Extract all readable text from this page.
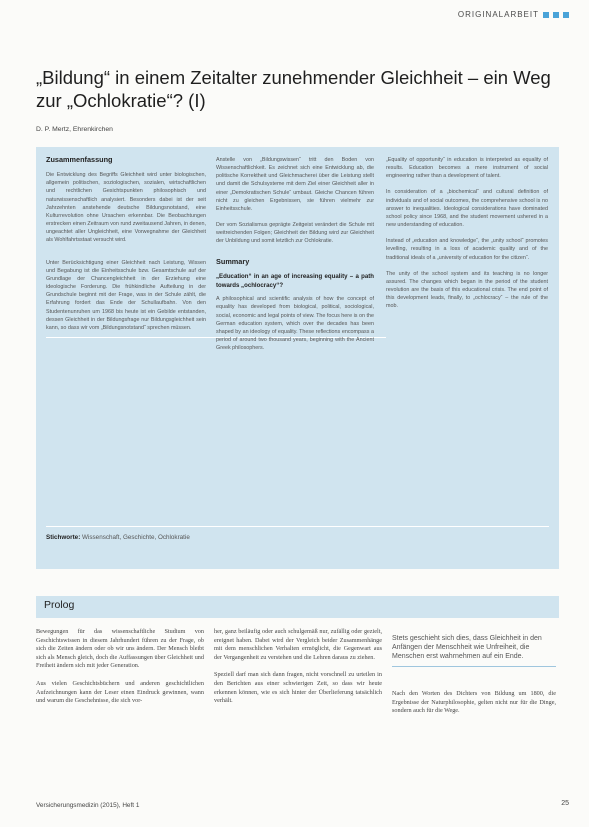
ORIGINALARBEIT
„Bildung“ in einem Zeitalter zunehmender Gleichheit – ein Weg zur „Ochlokratie“? (I)
D. P. Mertz, Ehrenkirchen
Zusammenfassung

Die Entwicklung des Begriffs Gleichheit wird unter biologischen, allgemein politischen, soziologischen, sozialen, wirtschaftlichen und rechtlichen Gesichtspunkten philosophisch und naturwissenschaftlich analysiert. Besonders dabei ist der seit Jahrzehnten anstehende deutsche Bildungsnotstand, eine Kulturrevolution ohne Ursachen erkennbar. Die Beobachtungen erstrecken einen Zeitraum von rund zweitausend Jahren, in denen, ungeachtet aller Ungleichheit, eine Vorwegnahme der Gleichheit als Wohlfahrtsstaat versucht wird.

Unter Berücksichtigung einer Gleichheit nach Leistung, Wissen und Begabung ist die Einheitsschule bzw. Gesamtschule auf der Grundlage der Chancengleichheit in der Erziehung eine ideologische Forderung. Die frühkindliche Aufteilung in der Grundschule beginnt mit der Frage, was in der Schule zählt, die Erfahrung fordert das Ende der Schullaufbahn. Von den Studentenunruhen um 1968 bis heute ist ein Gebilde entstanden, dessen Gleichheit in der Bildungsfrage nur Bildungsgleichheit sein kann, so dass wir vom „Bildungsnotstand“ sprechen müssen.

Anstelle von „Bildungswissen“ tritt den Boden von Wissenschaftlichkeit. Es zeichnet sich eine Entwicklung ab, die politische Korrektheit und Gleichmacherei über die Leistung stellt und damit die Schulsysteme mit dem Ziel einer Gleichheit aller in einer „Demokratischen Schule“ umbaut. Gleiche Chancen führen nicht zu gleichen Ergebnissen, sie führen vielmehr zur Einheitsschule.

Der vom Sozialismus geprägte Zeitgeist verändert die Schule mit weitreichenden Folgen; Gleichheit der Bildung wird zur Gleichheit der Unbildung und somit letztlich zur Ochlokratie.

Summary
„Education“ in an age of increasing equality – a path towards „ochlocracy“?

A philosophical and scientific analysis of how the concept of equality has developed from biological, political, sociological, social, economic and legal points of view. The focus here is on the German education system, which over the decades has been shaped by an ideology of equality. These reflections encompass a period of around two thousand years, beginning with the Ancient Greek philosophers.

„Equality of opportunity“ in education is interpreted as equality of results. Education becomes a mere instrument of social engineering rather than a development of talent.

In consideration of a „biochemical“ and cultural definition of individuals and of social outcomes, the comprehensive school is no answer to inequalities. Ideological considerations have dominated school policy since 1968, and the student movement ushered in a new understanding of education.

Instead of „education and knowledge“, the „unity school“ promotes levelling, resulting in a loss of academic quality and of the traditional ideals of a „university of education for the citizen“.

The unity of the school system and its teaching is no longer assured. The changes which began in the period of the student revolution are the basis of this educational crisis. The end point of this development leads, finally, to „ochlocracy“ – the rule of the mob.

Stichworte: Wissenschaft, Geschichte, Ochlokratie
Prolog

Bewegungen für das wissenschaftliche Studium von Geschichtswissen in diesem Jahrhundert führen zu der Frage, ob sich die Zeiten ändern oder ob wir uns ändern. Der Mensch bleibt sich als Mensch gleich, doch die Auffassungen über Gleichheit und Freiheit ändern sich mit jeder Generation.

Aus vielen Geschichtsbüchern und anderen geschichtlichen Aufzeichnungen kann der Leser einen Eindruck gewinnen, wann und warum die Geschehnisse, die sich vor-

her, ganz beiläufig oder auch schulgemäß nur, zufällig oder gezielt, ereignet haben. Dabei wird der Vergleich beider Zusammenhänge mit dem menschlichen Verhalten ermöglicht, die Gegenwart aus der Vergangenheit zu verstehen und die Lehren daraus zu ziehen.

Speziell darf man sich dann fragen, nicht vorschnell zu urteilen in den Berichten aus einer schwierigen Zeit, so dass wir heute erkennen können, wie es sich hinter der Überlieferung tatsächlich verhält.

Stets geschieht sich dies, dass Gleichheit in den Anfängen der Menschheit wie Unfreiheit, die Menschen erst wahrnehmen auf ein Ende.

Nach den Worten des Dichters von Bildung um 1800, die Ergebnisse der Naturphilosophie, gelten nicht nur für die Dinge, sondern auch für die Wege.

Versicherungsmedizin (2015), Heft 1	25
